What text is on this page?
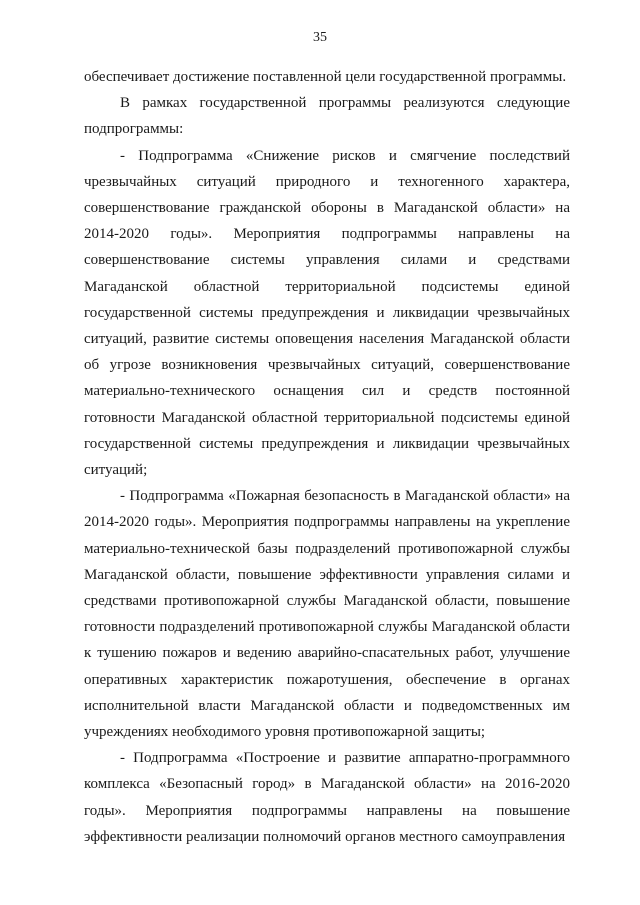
35

обеспечивает достижение поставленной цели государственной программы.

В рамках государственной программы реализуются следующие подпрограммы:

- Подпрограмма «Снижение рисков и смягчение последствий чрезвычайных ситуаций природного и техногенного характера, совершенствование гражданской обороны в Магаданской области» на 2014-2020 годы». Мероприятия подпрограммы направлены на совершенствование системы управления силами и средствами Магаданской областной территориальной подсистемы единой государственной системы предупреждения и ликвидации чрезвычайных ситуаций, развитие системы оповещения населения Магаданской области об угрозе возникновения чрезвычайных ситуаций, совершенствование материально-технического оснащения сил и средств постоянной готовности Магаданской областной территориальной подсистемы единой государственной системы предупреждения и ликвидации чрезвычайных ситуаций;

- Подпрограмма «Пожарная безопасность в Магаданской области» на 2014-2020 годы». Мероприятия подпрограммы направлены на укрепление материально-технической базы подразделений противопожарной службы Магаданской области, повышение эффективности управления силами и средствами противопожарной службы Магаданской области, повышение готовности подразделений противопожарной службы Магаданской области к тушению пожаров и ведению аварийно-спасательных работ, улучшение оперативных характеристик пожаротушения, обеспечение в органах исполнительной власти Магаданской области и подведомственных им учреждениях необходимого уровня противопожарной защиты;

- Подпрограмма «Построение и развитие аппаратно-программного комплекса «Безопасный город» в Магаданской области» на 2016-2020 годы». Мероприятия подпрограммы направлены на повышение эффективности реализации полномочий органов местного самоуправления
